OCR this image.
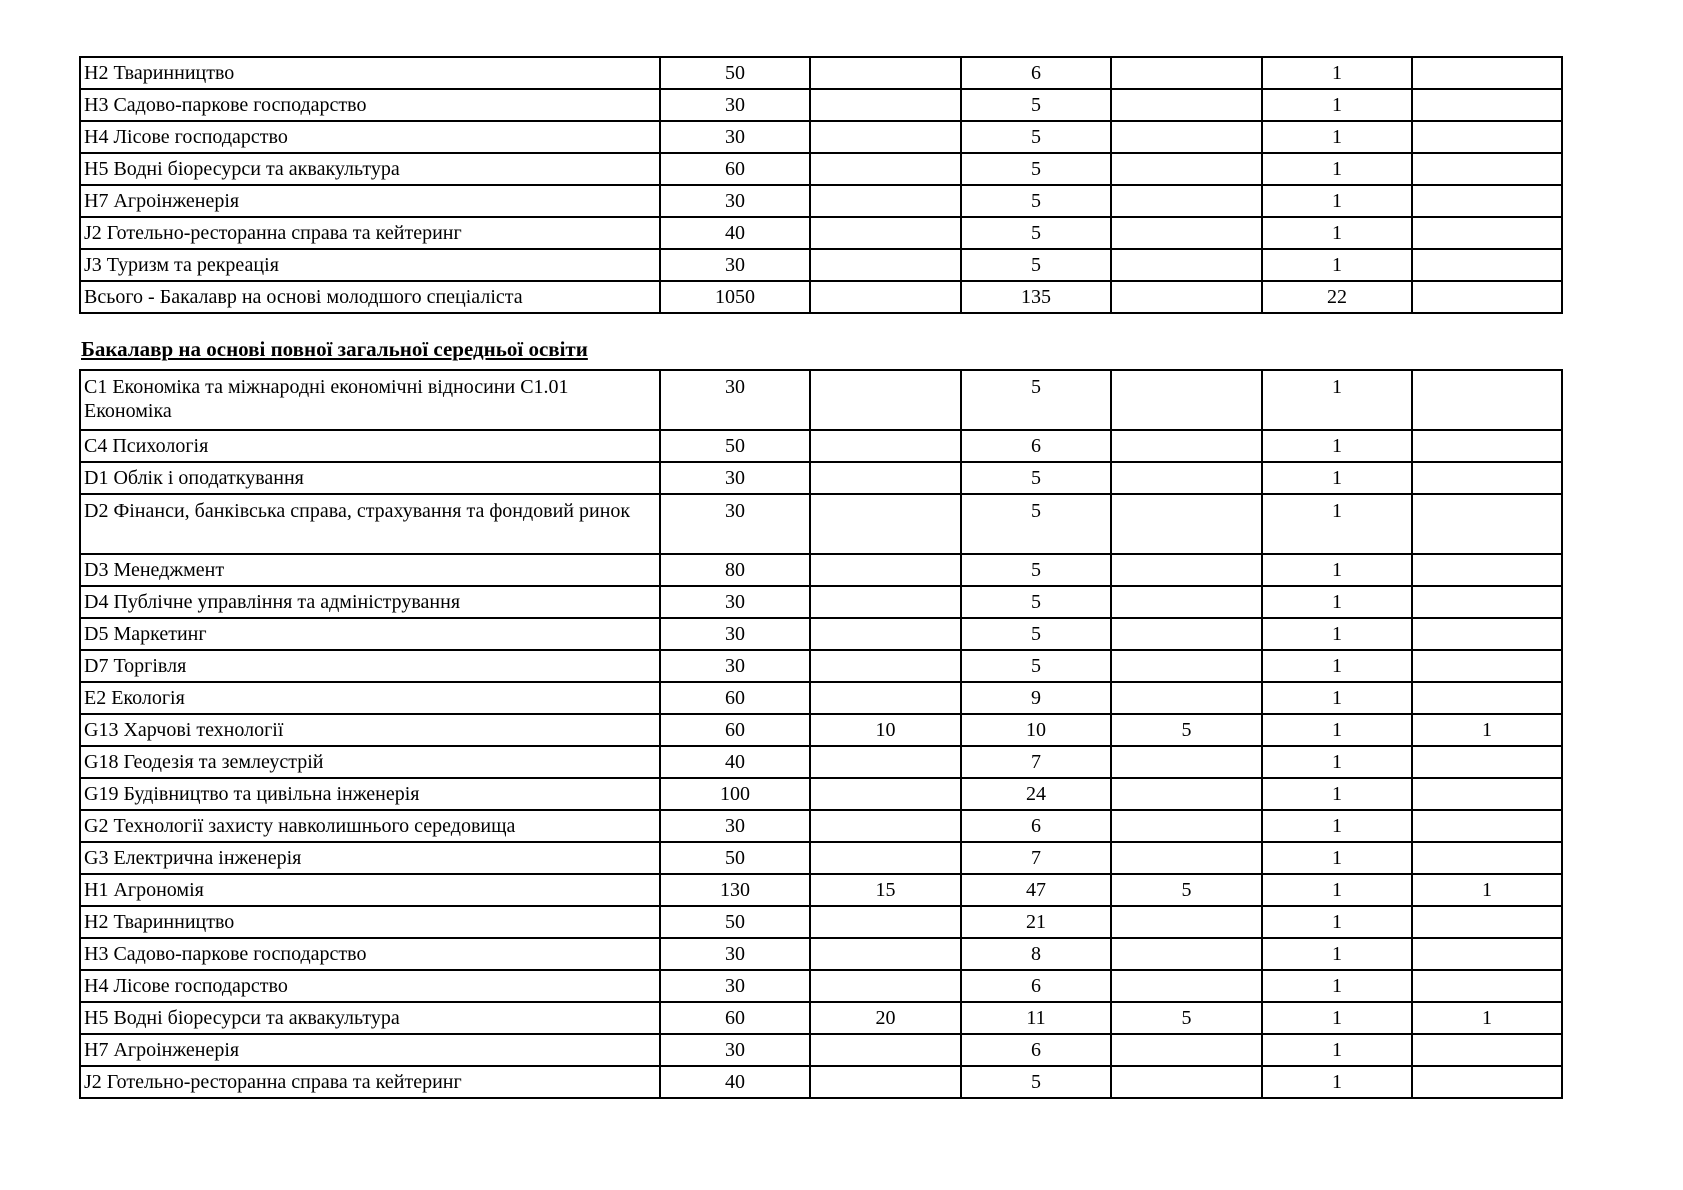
H2 Тваринництво	50		6		1	
H3 Садово-паркове господарство	30		5		1	
H4 Лісове господарство	30		5		1	
H5 Водні біоресурси та аквакультура	60		5		1	
H7 Агроінженерія	30		5		1	
J2 Готельно-ресторанна справа та кейтеринг	40		5		1	
J3 Туризм та рекреація	30		5		1	
Всього - Бакалавр на основі молодшого спеціаліста	1050		135		22	
Бакалавр на основі повної загальної середньої освіти
C1 Економіка та міжнародні економічні відносини C1.01 Економіка	30		5		1	
C4 Психологія	50		6		1	
D1 Облік і оподаткування	30		5		1	
D2 Фінанси, банківська справа, страхування та фондовий ринок	30		5		1	
D3 Менеджмент	80		5		1	
D4 Публічне управління та адміністрування	30		5		1	
D5 Маркетинг	30		5		1	
D7 Торгівля	30		5		1	
E2 Екологія	60		9		1	
G13 Харчові технології	60	10	10	5	1	1
G18 Геодезія та землеустрій	40		7		1	
G19 Будівництво та цивільна інженерія	100		24		1	
G2 Технології захисту навколишнього середовища	30		6		1	
G3 Електрична інженерія	50		7		1	
H1 Агрономія	130	15	47	5	1	1
H2 Тваринництво	50		21		1	
H3 Садово-паркове господарство	30		8		1	
H4 Лісове господарство	30		6		1	
H5 Водні біоресурси та аквакультура	60	20	11	5	1	1
H7 Агроінженерія	30		6		1	
J2 Готельно-ресторанна справа та кейтеринг	40		5		1	
